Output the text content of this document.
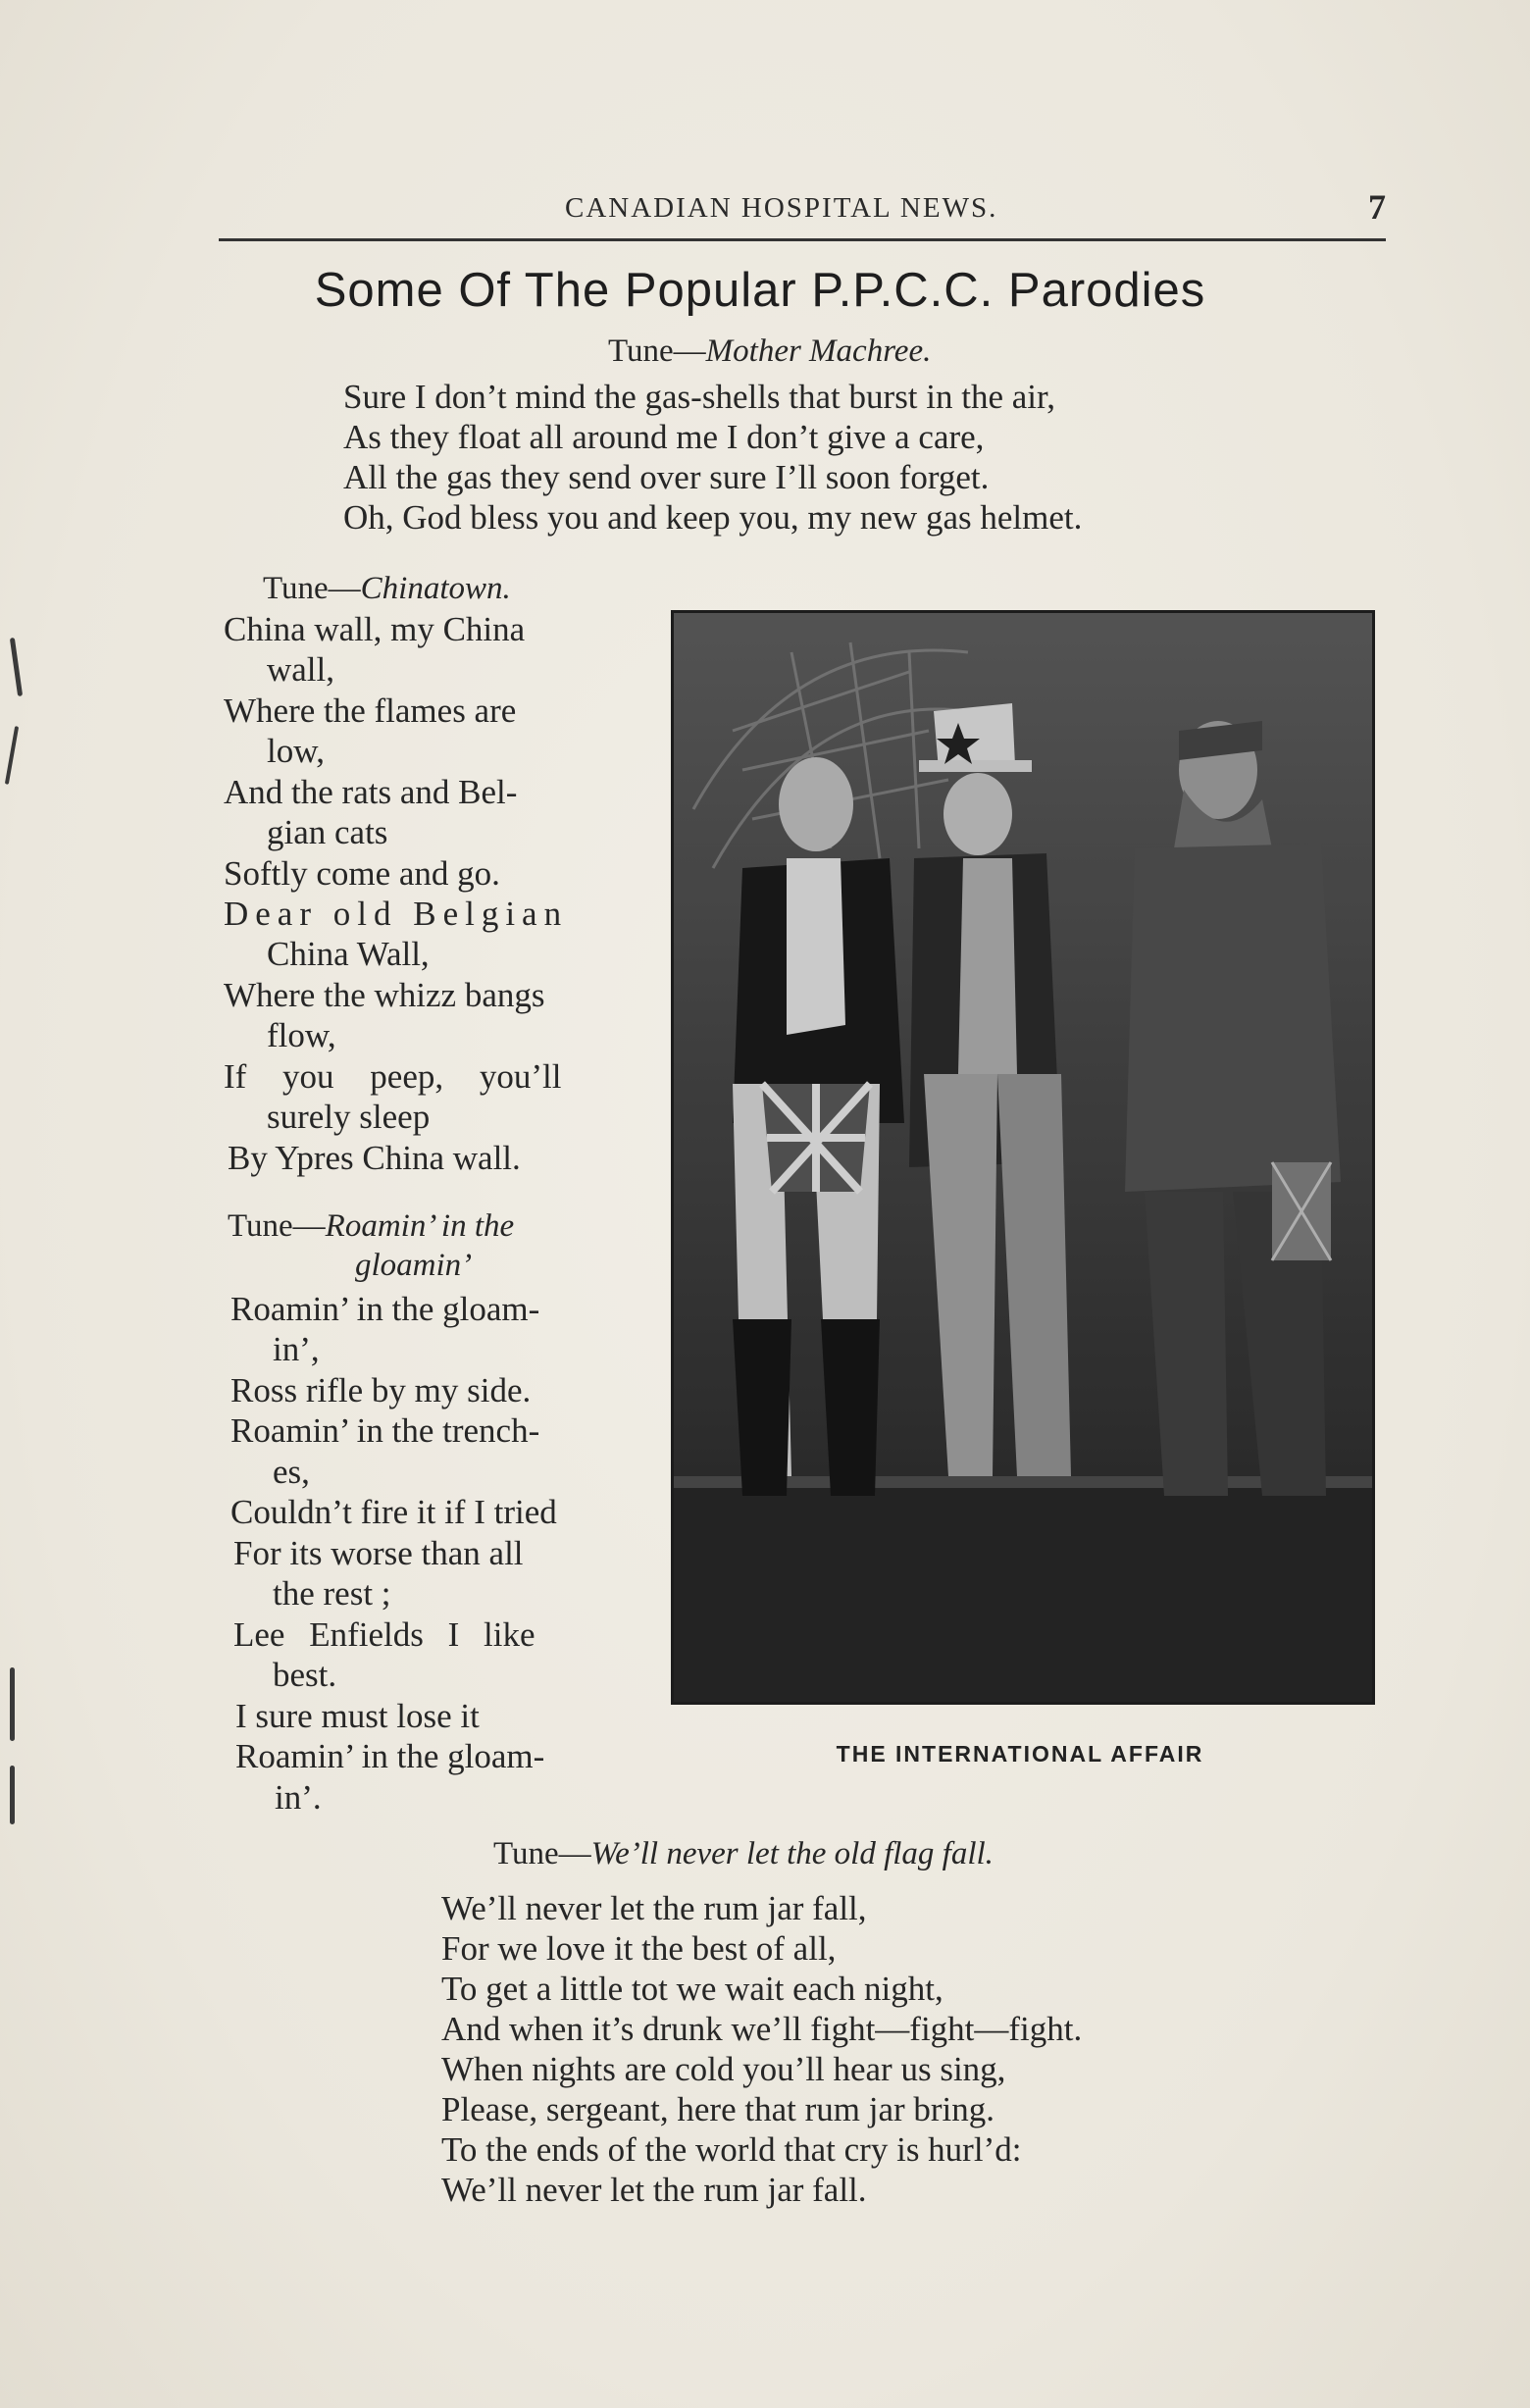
CANADIAN HOSPITAL NEWS.	7
Some Of The Popular P.P.C.C. Parodies
Tune—Mother Machree.
Sure I don’t mind the gas-shells that burst in the air,
As they float all around me I don’t give a care,
All the gas they send over sure I’ll soon forget.
Oh, God bless you and keep you, my new gas helmet.
Tune—Chinatown.
China wall, my China
wall,
Where the flames are
low,
And the rats and Bel-
gian cats
Softly come and go.
Dear old Belgian
China Wall,
Where the whizz bangs
flow,
If you peep, you’ll
surely sleep
By Ypres China wall.
Tune—Roamin’ in the
gloamin’
Roamin’ in the gloam-
in’,
Ross rifle by my side.
Roamin’ in the trench-
es,
Couldn’t fire it if I tried
For its worse than all
the rest ;
Lee Enfields I like
best.
I sure must lose it
Roamin’ in the gloam-
in’.
THE INTERNATIONAL AFFAIR
Tune—We’ll never let the old flag fall.
We’ll never let the rum jar fall,
For we love it the best of all,
To get a little tot we wait each night,
And when it’s drunk we’ll fight—fight—fight.
When nights are cold you’ll hear us sing,
Please, sergeant, here that rum jar bring.
To the ends of the world that cry is hurl’d:
We’ll never let the rum jar fall.
